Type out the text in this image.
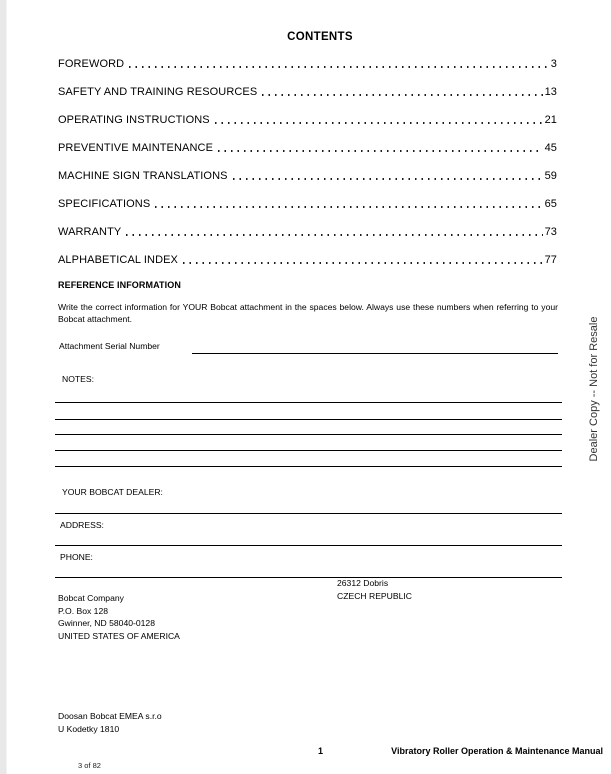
CONTENTS
FOREWORD	3
SAFETY AND TRAINING RESOURCES	13
OPERATING INSTRUCTIONS	21
PREVENTIVE MAINTENANCE	45
MACHINE SIGN TRANSLATIONS	59
SPECIFICATIONS	65
WARRANTY	73
ALPHABETICAL INDEX	77
REFERENCE INFORMATION
Write the correct information for YOUR Bobcat attachment in the spaces below. Always use these numbers when referring to your Bobcat attachment.
Attachment Serial Number
NOTES:
YOUR BOBCAT DEALER:
ADDRESS:
PHONE:
26312 Dobris
CZECH REPUBLIC
Bobcat Company
P.O. Box 128
Gwinner, ND 58040-0128
UNITED STATES OF AMERICA
Doosan Bobcat EMEA s.r.o
U Kodetky 1810
Dealer Copy -- Not for Resale
1	Vibratory Roller Operation & Maintenance Manual
3 of 82
